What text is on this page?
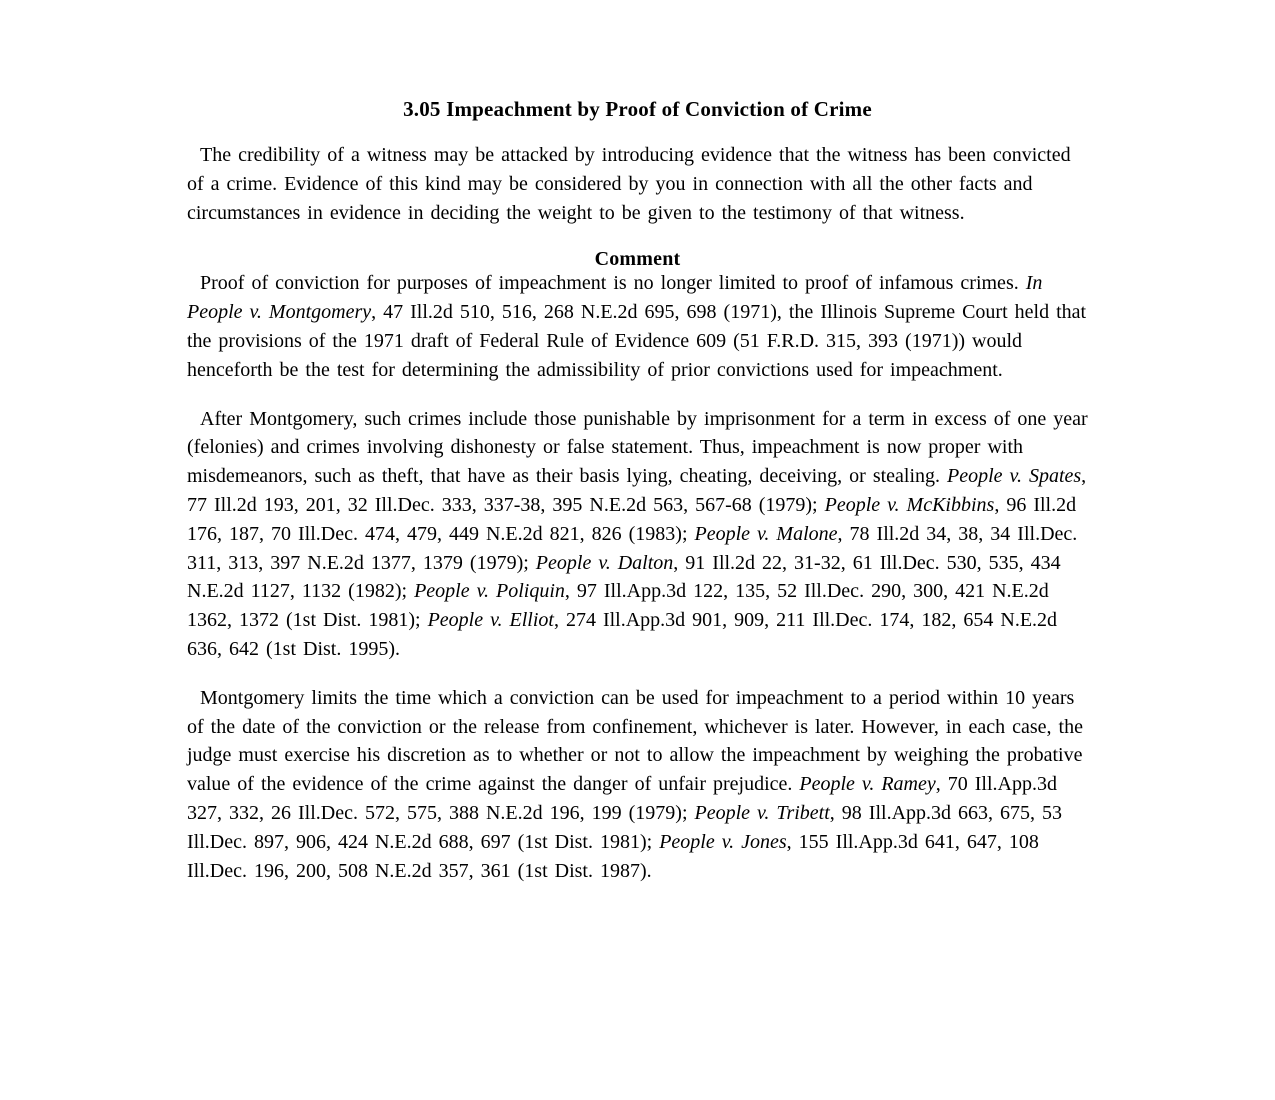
3.05 Impeachment by Proof of Conviction of Crime

The credibility of a witness may be attacked by introducing evidence that the witness has been convicted of a crime. Evidence of this kind may be considered by you in connection with all the other facts and circumstances in evidence in deciding the weight to be given to the testimony of that witness.

Comment

Proof of conviction for purposes of impeachment is no longer limited to proof of infamous crimes. In People v. Montgomery, 47 Ill.2d 510, 516, 268 N.E.2d 695, 698 (1971), the Illinois Supreme Court held that the provisions of the 1971 draft of Federal Rule of Evidence 609 (51 F.R.D. 315, 393 (1971)) would henceforth be the test for determining the admissibility of prior convictions used for impeachment.

After Montgomery, such crimes include those punishable by imprisonment for a term in excess of one year (felonies) and crimes involving dishonesty or false statement. Thus, impeachment is now proper with misdemeanors, such as theft, that have as their basis lying, cheating, deceiving, or stealing. People v. Spates, 77 Ill.2d 193, 201, 32 Ill.Dec. 333, 337-38, 395 N.E.2d 563, 567-68 (1979); People v. McKibbins, 96 Ill.2d 176, 187, 70 Ill.Dec. 474, 479, 449 N.E.2d 821, 826 (1983); People v. Malone, 78 Ill.2d 34, 38, 34 Ill.Dec. 311, 313, 397 N.E.2d 1377, 1379 (1979); People v. Dalton, 91 Ill.2d 22, 31-32, 61 Ill.Dec. 530, 535, 434 N.E.2d 1127, 1132 (1982); People v. Poliquin, 97 Ill.App.3d 122, 135, 52 Ill.Dec. 290, 300, 421 N.E.2d 1362, 1372 (1st Dist. 1981); People v. Elliot, 274 Ill.App.3d 901, 909, 211 Ill.Dec. 174, 182, 654 N.E.2d 636, 642 (1st Dist. 1995).

Montgomery limits the time which a conviction can be used for impeachment to a period within 10 years of the date of the conviction or the release from confinement, whichever is later. However, in each case, the judge must exercise his discretion as to whether or not to allow the impeachment by weighing the probative value of the evidence of the crime against the danger of unfair prejudice. People v. Ramey, 70 Ill.App.3d 327, 332, 26 Ill.Dec. 572, 575, 388 N.E.2d 196, 199 (1979); People v. Tribett, 98 Ill.App.3d 663, 675, 53 Ill.Dec. 897, 906, 424 N.E.2d 688, 697 (1st Dist. 1981); People v. Jones, 155 Ill.App.3d 641, 647, 108 Ill.Dec. 196, 200, 508 N.E.2d 357, 361 (1st Dist. 1987).
